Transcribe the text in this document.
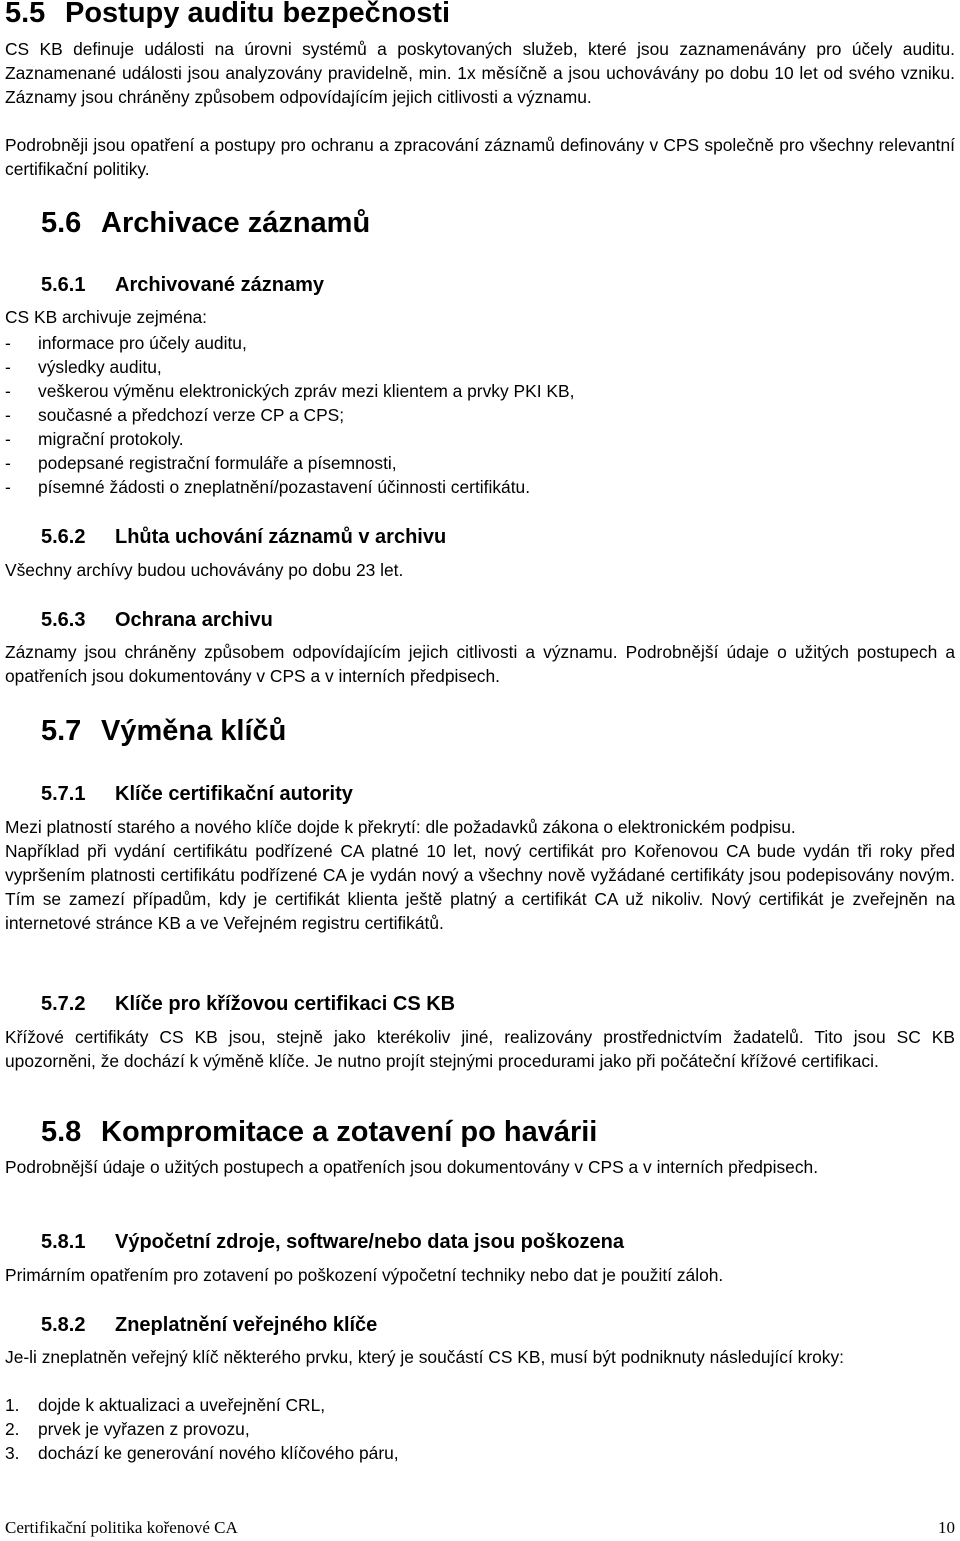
5.5 Postupy auditu bezpečnosti
CS KB definuje události na úrovni systémů a poskytovaných služeb, které jsou zaznamenávány pro účely auditu. Zaznamenané události jsou analyzovány pravidelně, min. 1x měsíčně a jsou uchovávány po dobu 10 let od svého vzniku. Záznamy jsou chráněny způsobem odpovídajícím jejich citlivosti a významu.
Podrobněji jsou opatření a postupy pro ochranu a zpracování záznamů definovány v CPS společně pro všechny relevantní certifikační politiky.
5.6 Archivace záznamů
5.6.1 Archivované záznamy
CS KB archivuje zejména:
- informace pro účely auditu,
- výsledky auditu,
- veškerou výměnu elektronických zpráv mezi klientem a prvky PKI KB,
- současné a předchozí verze CP a CPS;
- migrační protokoly.
- podepsané registrační formuláře a písemnosti,
- písemné žádosti o zneplatnění/pozastavení účinnosti certifikátu.
5.6.2 Lhůta uchování záznamů v archivu
Všechny archívy budou uchovávány po dobu 23 let.
5.6.3 Ochrana archivu
Záznamy jsou chráněny způsobem odpovídajícím jejich citlivosti a významu. Podrobnější údaje o užitých postupech a opatřeních jsou dokumentovány v CPS a v interních předpisech.
5.7 Výměna klíčů
5.7.1 Klíče certifikační autority
Mezi platností starého a nového klíče dojde k překrytí: dle požadavků zákona o elektronickém podpisu.
Například při vydání certifikátu podřízené CA platné 10 let, nový certifikát pro Kořenovou CA bude vydán tři roky před vypršením platnosti certifikátu podřízené CA je vydán nový a všechny nově vyžádané certifikáty jsou podepisovány novým. Tím se zamezí případům, kdy je certifikát klienta ještě platný a certifikát CA už nikoliv. Nový certifikát je zveřejněn na internetové stránce KB a ve Veřejném registru certifikátů.
5.7.2 Klíče pro křížovou certifikaci CS KB
Křížové certifikáty CS KB jsou, stejně jako kterékoliv jiné, realizovány prostřednictvím žadatelů. Tito jsou SC KB upozorněni, že dochází k výměně klíče. Je nutno projít stejnými procedurami jako při počáteční křížové certifikaci.
5.8 Kompromitace a zotavení po havárii
Podrobnější údaje o užitých postupech a opatřeních jsou dokumentovány v CPS a v interních předpisech.
5.8.1 Výpočetní zdroje, software/nebo data jsou poškozena
Primárním opatřením pro zotavení po poškození výpočetní techniky nebo dat je použití záloh.
5.8.2 Zneplatnění veřejného klíče
Je-li zneplatněn veřejný klíč některého prvku, který je součástí CS KB, musí být podniknuty následující kroky:
1. dojde k aktualizaci a uveřejnění CRL,
2. prvek je vyřazen z provozu,
3. dochází ke generování nového klíčového páru,
Certifikační politika kořenové CA	10
